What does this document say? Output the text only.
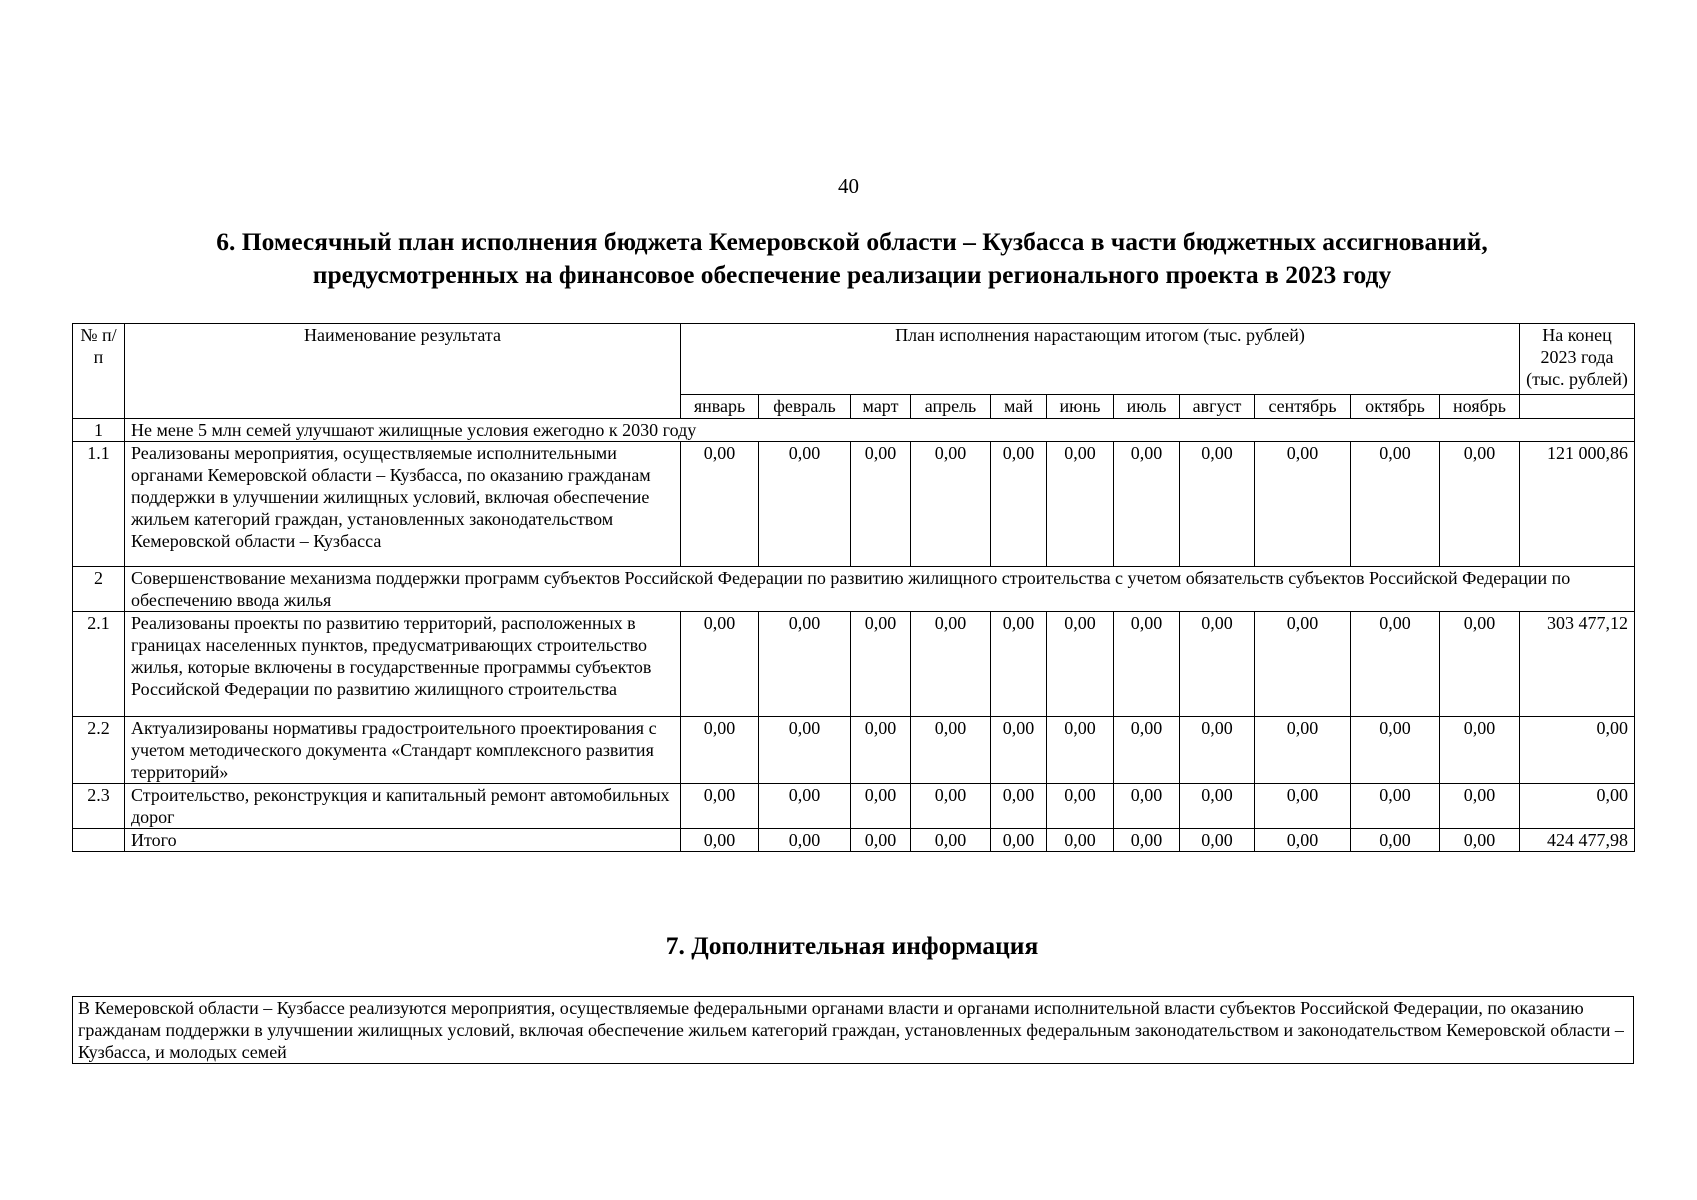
40
6. Помесячный план исполнения бюджета Кемеровской области – Кузбасса в части бюджетных ассигнований,
предусмотренных на финансовое обеспечение реализации регионального проекта в 2023 году
№ п/п	Наименование результата	План исполнения нарастающим итогом (тыс. рублей)											На конец 2023 года (тыс. рублей)
		январь	февраль	март	апрель	май	июнь	июль	август	сентябрь	октябрь	ноябрь	
1	Не мене 5 млн семей улучшают жилищные условия ежегодно к 2030 году												
1.1	Реализованы мероприятия, осуществляемые исполнительными органами Кемеровской области – Кузбасса, по оказанию гражданам поддержки в улучшении жилищных условий, включая обеспечение жильем категорий граждан, установленных законодательством Кемеровской области – Кузбасса	0,00	0,00	0,00	0,00	0,00	0,00	0,00	0,00	0,00	0,00	0,00	121 000,86
2	Совершенствование механизма поддержки программ субъектов Российской Федерации по развитию жилищного строительства с учетом обязательств субъектов Российской Федерации по обеспечению ввода жилья												
2.1	Реализованы проекты по развитию территорий, расположенных в границах населенных пунктов, предусматривающих строительство жилья, которые включены в государственные программы субъектов Российской Федерации по развитию жилищного строительства	0,00	0,00	0,00	0,00	0,00	0,00	0,00	0,00	0,00	0,00	0,00	303 477,12
2.2	Актуализированы нормативы градостроительного проектирования с учетом методического документа «Стандарт комплексного развития территорий»	0,00	0,00	0,00	0,00	0,00	0,00	0,00	0,00	0,00	0,00	0,00	0,00
2.3	Строительство, реконструкция и капитальный ремонт автомобильных дорог	0,00	0,00	0,00	0,00	0,00	0,00	0,00	0,00	0,00	0,00	0,00	0,00
	Итого	0,00	0,00	0,00	0,00	0,00	0,00	0,00	0,00	0,00	0,00	0,00	424 477,98
7. Дополнительная информация
В Кемеровской области – Кузбассе реализуются мероприятия, осуществляемые федеральными органами власти и органами исполнительной власти субъектов Российской Федерации, по оказанию гражданам поддержки в улучшении жилищных условий, включая обеспечение жильем категорий граждан, установленных федеральным законодательством и законодательством Кемеровской области – Кузбасса, и молодых семей
